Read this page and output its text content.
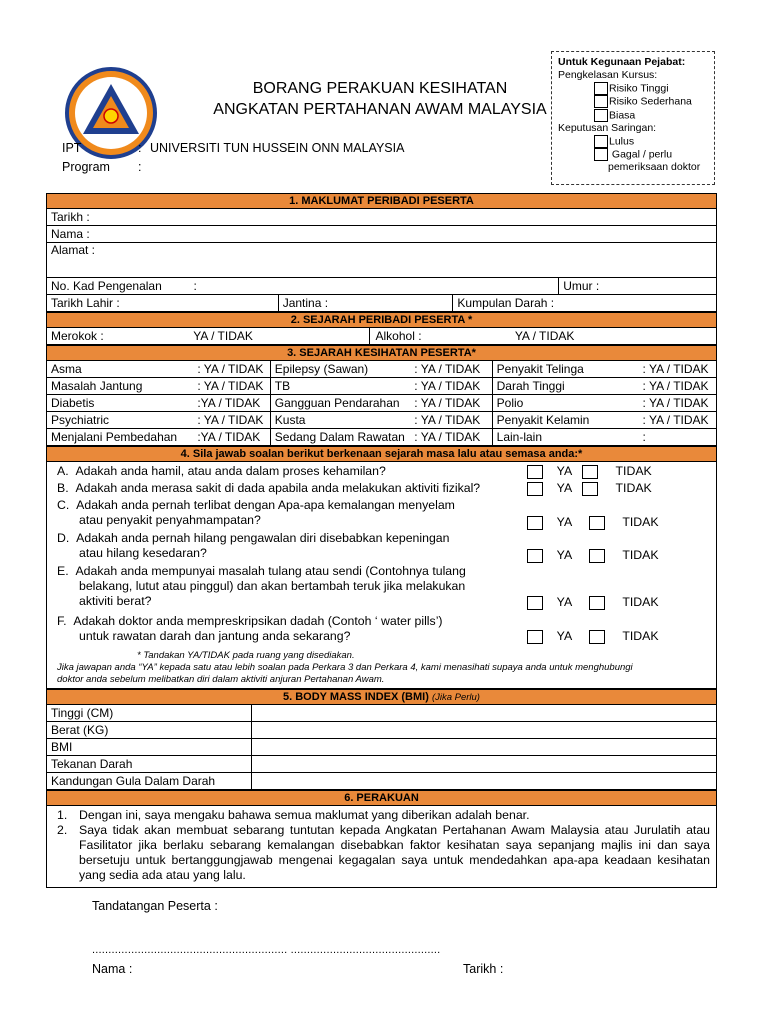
BORANG PERAKUAN KESIHATAN
ANGKATAN PERTAHANAN AWAM MALAYSIA
IPT	: UNIVERSITI TUN HUSSEIN ONN MALAYSIA
Program :
Untuk Kegunaan Pejabat:
Pengkelasan Kursus:
Risiko Tinggi
Risiko Sederhana
Biasa
Keputusan Saringan:
Lulus
Gagal / perlu
pemeriksaan doktor
1. MAKLUMAT PERIBADI PESERTA				
Tarikh :				
Nama :				
Alamat :				
No. Kad Pengenalan	:			Umur :
Tarikh Lahir :		Jantina :	Kumpulan Darah :	
2. SEJARAH PERIBADI PESERTA *
Merokok :	YA / TIDAK	Alkohol :	YA / TIDAK
3. SEJARAH KESIHATAN PESERTA*					
Asma	: YA / TIDAK	Epilepsy (Sawan)	: YA / TIDAK	Penyakit Telinga	: YA / TIDAK
Masalah Jantung	: YA / TIDAK	TB	: YA / TIDAK	Darah Tinggi	: YA / TIDAK
Diabetis	:YA / TIDAK	Gangguan Pendarahan	: YA / TIDAK	Polio	: YA / TIDAK
Psychiatric	: YA / TIDAK	Kusta	: YA / TIDAK	Penyakit Kelamin	: YA / TIDAK
Menjalani Pembedahan	:YA / TIDAK	Sedang Dalam Rawatan	: YA / TIDAK	Lain-lain	:
4. Sila jawab soalan berikut berkenaan sejarah masa lalu atau semasa anda:*
A. Adakah anda hamil, atau anda dalam proses kehamilan?	YA	TIDAK
B. Adakah anda merasa sakit di dada apabila anda melakukan aktiviti fizikal?	YA	TIDAK
C. Adakah anda pernah terlibat dengan Apa-apa kemalangan menyelam
atau penyakit penyahmampatan?	YA	TIDAK
D. Adakah anda pernah hilang pengawalan diri disebabkan kepeningan
atau hilang kesedaran?	YA	TIDAK
E. Adakah anda mempunyai masalah tulang atau sendi (Contohnya tulang
belakang, lutut atau pinggul) dan akan bertambah teruk jika melakukan
aktiviti berat?	YA	TIDAK
F. Adakah doktor anda mempreskripsikan dadah (Contoh ‘ water pills’)
untuk rawatan darah dan jantung anda sekarang?	YA	TIDAK
* Tandakan YA/TIDAK pada ruang yang disediakan.
Jika jawapan anda “YA” kepada satu atau lebih soalan pada Perkara 3 dan Perkara 4, kami menasihati supaya anda untuk menghubungi
doktor anda sebelum melibatkan diri dalam aktiviti anjuran Pertahanan Awam.
5. BODY MASS INDEX (BMI) (Jika Perlu)	
Tinggi (CM)	
Berat (KG)	
BMI	
Tekanan Darah	
Kandungan Gula Dalam Darah	
6. PERAKUAN
1. Dengan ini, saya mengaku bahawa semua maklumat yang diberikan adalah benar.
2. Saya tidak akan membuat sebarang tuntutan kepada Angkatan Pertahanan Awam Malaysia atau Jurulatih atau Fasilitator jika berlaku sebarang kemalangan disebabkan faktor kesihatan saya sepanjang majlis ini dan saya bersetuju untuk bertanggungjawab mengenai kegagalan saya untuk mendedahkan apa-apa keadaan kesihatan yang sedia ada atau yang lalu.
Tandatangan Peserta :
............................................................ ..............................................
Nama :	Tarikh :
